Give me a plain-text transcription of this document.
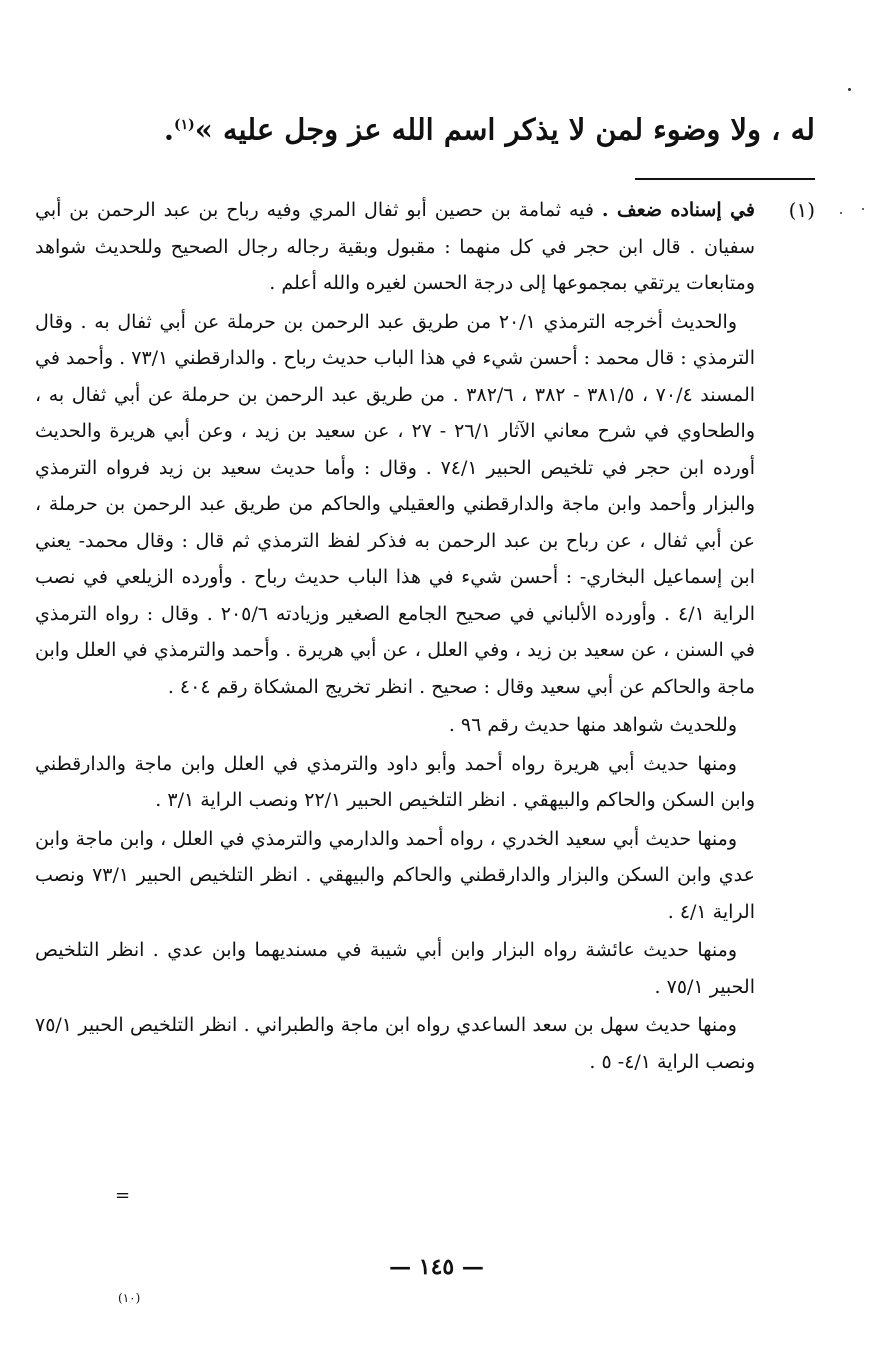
له ، ولا وضوء لمن لا يذكر اسم الله عز وجل عليه »$^{(١)}$.
(١)

في إسناده ضعف . فيه ثمامة بن حصين أبو ثفال المري وفيه رباح بن عبد الرحمن بن أبي سفيان . قال ابن حجر في كل منهما : مقبول وبقية رجاله رجال الصحيح وللحديث شواهد ومتابعات يرتقي بمجموعها إلى درجة الحسن لغيره والله أعلم .

والحديث أخرجه الترمذي ٢٠/١ من طريق عبد الرحمن بن حرملة عن أبي ثفال به . وقال الترمذي : قال محمد : أحسن شيء في هذا الباب حديث رباح . والدارقطني ٧٣/١ . وأحمد في المسند ٧٠/٤ ، ٣٨١/٥ - ٣٨٢ ، ٣٨٢/٦ . من طريق عبد الرحمن بن حرملة عن أبي ثفال به ، والطحاوي في شرح معاني الآثار ٢٦/١ - ٢٧ ، عن سعيد بن زيد ، وعن أبي هريرة والحديث أورده ابن حجر في تلخيص الحبير ٧٤/١ . وقال : وأما حديث سعيد بن زيد فرواه الترمذي والبزار وأحمد وابن ماجة والدارقطني والعقيلي والحاكم من طريق عبد الرحمن بن حرملة ، عن أبي ثفال ، عن رباح بن عبد الرحمن به فذكر لفظ الترمذي ثم قال : وقال محمد- يعني ابن إسماعيل البخاري- : أحسن شيء في هذا الباب حديث رباح . وأورده الزيلعي في نصب الراية ٤/١ . وأورده الألباني في صحيح الجامع الصغير وزيادته ٢٠٥/٦ . وقال : رواه الترمذي في السنن ، عن سعيد بن زيد ، وفي العلل ، عن أبي هريرة . وأحمد والترمذي في العلل وابن ماجة والحاكم عن أبي سعيد وقال : صحيح . انظر تخريج المشكاة رقم ٤٠٤ .

وللحديث شواهد منها حديث رقم ٩٦ .

ومنها حديث أبي هريرة رواه أحمد وأبو داود والترمذي في العلل وابن ماجة والدارقطني وابن السكن والحاكم والبيهقي . انظر التلخيص الحبير ٢٢/١ ونصب الراية ٣/١ .

ومنها حديث أبي سعيد الخدري ، رواه أحمد والدارمي والترمذي في العلل ، وابن ماجة وابن عدي وابن السكن والبزار والدارقطني والحاكم والبيهقي . انظر التلخيص الحبير ٧٣/١ ونصب الراية ٤/١ .

ومنها حديث عائشة رواه البزار وابن أبي شيبة في مسنديهما وابن عدي . انظر التلخيص الحبير ٧٥/١ .

ومنها حديث سهل بن سعد الساعدي رواه ابن ماجة والطبراني . انظر التلخيص الحبير ٧٥/١ ونصب الراية ٤/١- ٥ .

=
— ١٤٥ —
(١٠)
